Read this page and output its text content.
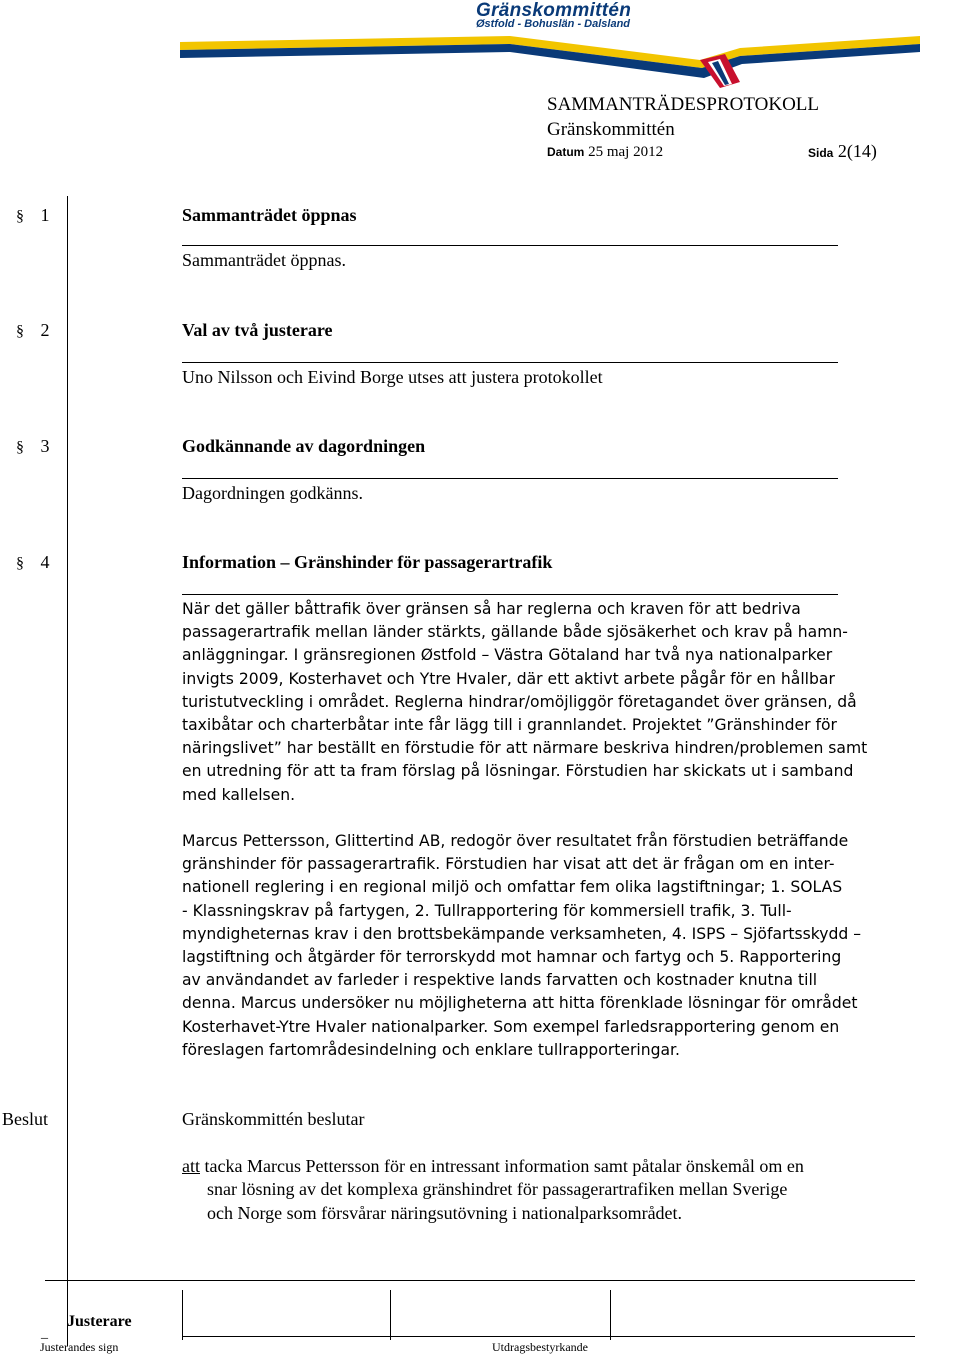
Gränskommittén
Østfold - Bohuslän - Dalsland
SAMMANTRÄDESPROTOKOLL
Gränskommittén
Datum 25 maj 2012	Sida 2(14)
§ 1	Sammanträdet öppnas
Sammanträdet öppnas.
§ 2	Val av två justerare
Uno Nilsson och Eivind Borge utses att justera protokollet
§ 3	Godkännande av dagordningen
Dagordningen godkänns.
§ 4	Information – Gränshinder för passagerartrafik
När det gäller båttrafik över gränsen så har reglerna och kraven för att bedriva
passagerartrafik mellan länder stärkts, gällande både sjösäkerhet och krav på hamn-
anläggningar. I gränsregionen Østfold – Västra Götaland har två nya nationalparker
invigts 2009, Kosterhavet och Ytre Hvaler, där ett aktivt arbete pågår för en hållbar
turistutveckling i området. Reglerna hindrar/omöjliggör företagandet över gränsen, då
taxibåtar och charterbåtar inte får lägg till i grannlandet. Projektet ”Gränshinder för
näringslivet” har beställt en förstudie för att närmare beskriva hindren/problemen samt
en utredning för att ta fram förslag på lösningar. Förstudien har skickats ut i samband
med kallelsen.
Marcus Pettersson, Glittertind AB, redogör över resultatet från förstudien beträffande
gränshinder för passagerartrafik. Förstudien har visat att det är frågan om en inter-
nationell reglering i en regional miljö och omfattar fem olika lagstiftningar; 1. SOLAS
- Klassningskrav på fartygen, 2. Tullrapportering för kommersiell trafik, 3. Tull-
myndigheternas krav i den brottsbekämpande verksamheten, 4. ISPS – Sjöfartsskydd –
lagstiftning och åtgärder för terrorskydd mot hamnar och fartyg och 5. Rapportering
av användandet av farleder i respektive lands farvatten och kostnader knutna till
denna. Marcus undersöker nu möjligheterna att hitta förenklade lösningar för området
Kosterhavet-Ytre Hvaler nationalparker. Som exempel farledsrapportering genom en
föreslagen fartområdesindelning och enklare tullrapporteringar.
Beslut	Gränskommittén beslutar
att tacka Marcus Pettersson för en intressant information samt påtalar önskemål om en
snar lösning av det komplexa gränshindret för passagerartrafiken mellan Sverige
och Norge som försvårar näringsutövning i nationalparksområdet.
_
Justerare
Justerandes sign	Utdragsbestyrkande
